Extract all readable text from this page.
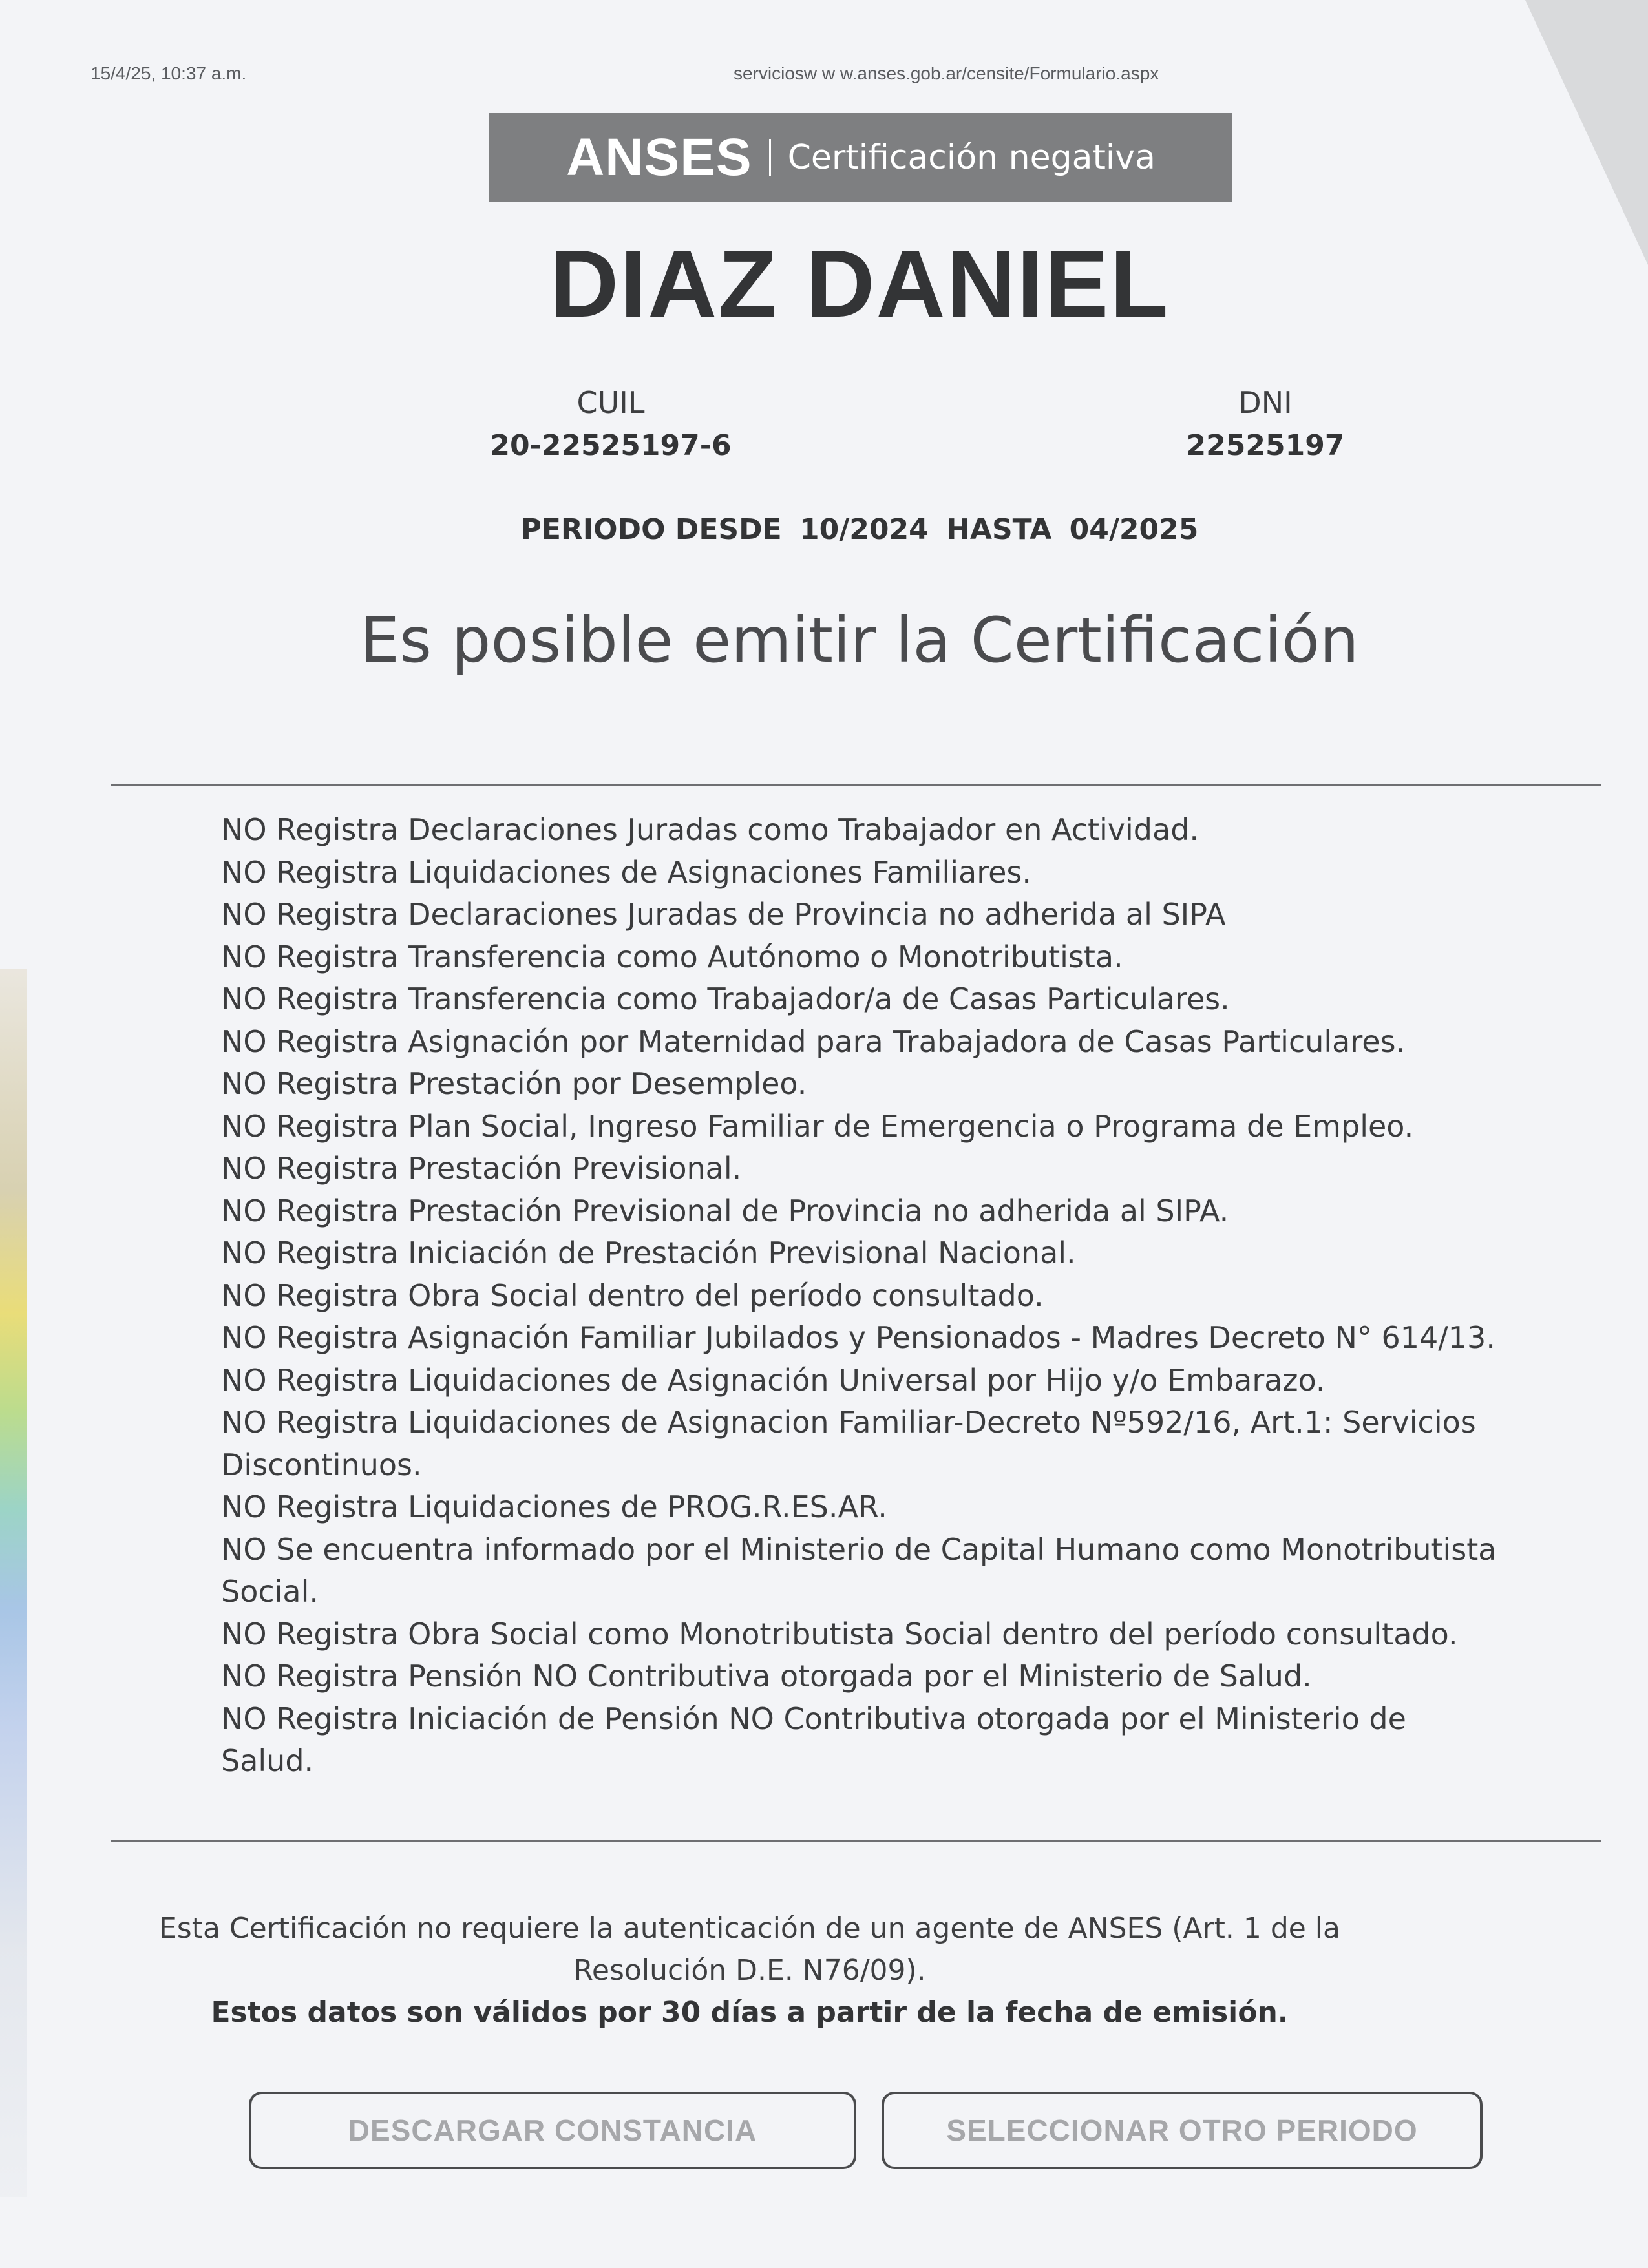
15/4/25, 10:37 a.m.	serviciosw w w.anses.gob.ar/censite/Formulario.aspx
ANSES Certificación negativa
DIAZ DANIEL
CUIL
20-22525197-6
DNI
22525197
PERIODO DESDE 10/2024 HASTA 04/2025
Es posible emitir la Certificación
NO Registra Declaraciones Juradas como Trabajador en Actividad.
NO Registra Liquidaciones de Asignaciones Familiares.
NO Registra Declaraciones Juradas de Provincia no adherida al SIPA
NO Registra Transferencia como Autónomo o Monotributista.
NO Registra Transferencia como Trabajador/a de Casas Particulares.
NO Registra Asignación por Maternidad para Trabajadora de Casas Particulares.
NO Registra Prestación por Desempleo.
NO Registra Plan Social, Ingreso Familiar de Emergencia o Programa de Empleo.
NO Registra Prestación Previsional.
NO Registra Prestación Previsional de Provincia no adherida al SIPA.
NO Registra Iniciación de Prestación Previsional Nacional.
NO Registra Obra Social dentro del período consultado.
NO Registra Asignación Familiar Jubilados y Pensionados - Madres Decreto N° 614/13.
NO Registra Liquidaciones de Asignación Universal por Hijo y/o Embarazo.
NO Registra Liquidaciones de Asignacion Familiar-Decreto Nº592/16, Art.1: Servicios Discontinuos.
NO Registra Liquidaciones de PROG.R.ES.AR.
NO Se encuentra informado por el Ministerio de Capital Humano como Monotributista Social.
NO Registra Obra Social como Monotributista Social dentro del período consultado.
NO Registra Pensión NO Contributiva otorgada por el Ministerio de Salud.
NO Registra Iniciación de Pensión NO Contributiva otorgada por el Ministerio de Salud.
Esta Certificación no requiere la autenticación de un agente de ANSES (Art. 1 de la Resolución D.E. N76/09).
Estos datos son válidos por 30 días a partir de la fecha de emisión.
DESCARGAR CONSTANCIA	SELECCIONAR OTRO PERIODO
